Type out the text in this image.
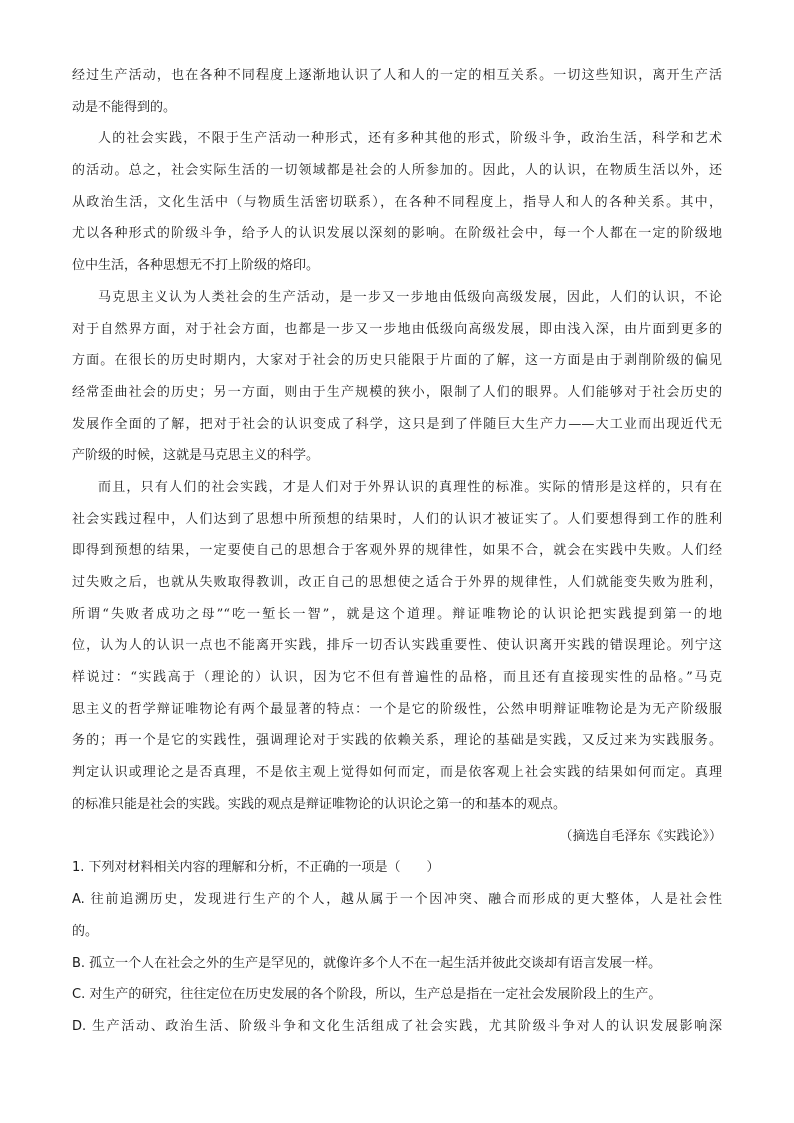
经过生产活动，也在各种不同程度上逐渐地认识了人和人的一定的相互关系。一切这些知识，离开生产活
动是不能得到的。
人的社会实践，不限于生产活动一种形式，还有多种其他的形式，阶级斗争，政治生活，科学和艺术
的活动。总之，社会实际生活的一切领域都是社会的人所参加的。因此，人的认识，在物质生活以外，还
从政治生活，文化生活中（与物质生活密切联系），在各种不同程度上，指导人和人的各种关系。其中，
尤以各种形式的阶级斗争，给予人的认识发展以深刻的影响。在阶级社会中，每一个人都在一定的阶级地
位中生活，各种思想无不打上阶级的烙印。
马克思主义认为人类社会的生产活动，是一步又一步地由低级向高级发展，因此，人们的认识，不论
对于自然界方面，对于社会方面，也都是一步又一步地由低级向高级发展，即由浅入深，由片面到更多的
方面。在很长的历史时期内，大家对于社会的历史只能限于片面的了解，这一方面是由于剥削阶级的偏见
经常歪曲社会的历史；另一方面，则由于生产规模的狭小，限制了人们的眼界。人们能够对于社会历史的
发展作全面的了解，把对于社会的认识变成了科学，这只是到了伴随巨大生产力——大工业而出现近代无
产阶级的时候，这就是马克思主义的科学。
而且，只有人们的社会实践，才是人们对于外界认识的真理性的标准。实际的情形是这样的，只有在
社会实践过程中，人们达到了思想中所预想的结果时，人们的认识才被证实了。人们要想得到工作的胜利
即得到预想的结果，一定要使自己的思想合于客观外界的规律性，如果不合，就会在实践中失败。人们经
过失败之后，也就从失败取得教训，改正自己的思想使之适合于外界的规律性，人们就能变失败为胜利，
所谓“失败者成功之母”“吃一堑长一智”，就是这个道理。辩证唯物论的认识论把实践提到第一的地
位，认为人的认识一点也不能离开实践，排斥一切否认实践重要性、使认识离开实践的错误理论。列宁这
样说过：“实践高于（理论的）认识，因为它不但有普遍性的品格，而且还有直接现实性的品格。”马克
思主义的哲学辩证唯物论有两个最显著的特点：一个是它的阶级性，公然申明辩证唯物论是为无产阶级服
务的；再一个是它的实践性，强调理论对于实践的依赖关系，理论的基础是实践，又反过来为实践服务。
判定认识或理论之是否真理，不是依主观上觉得如何而定，而是依客观上社会实践的结果如何而定。真理
的标准只能是社会的实践。实践的观点是辩证唯物论的认识论之第一的和基本的观点。
（摘选自毛泽东《实践论》）
1. 下列对材料相关内容的理解和分析，不正确的一项是（　　）
A. 往前追溯历史，发现进行生产的个人，越从属于一个因冲突、融合而形成的更大整体，人是社会性
的。
B. 孤立一个人在社会之外的生产是罕见的，就像许多个人不在一起生活并彼此交谈却有语言发展一样。
C. 对生产的研究，往往定位在历史发展的各个阶段，所以，生产总是指在一定社会发展阶段上的生产。
D. 生产活动、政治生活、阶级斗争和文化生活组成了社会实践，尤其阶级斗争对人的认识发展影响深
